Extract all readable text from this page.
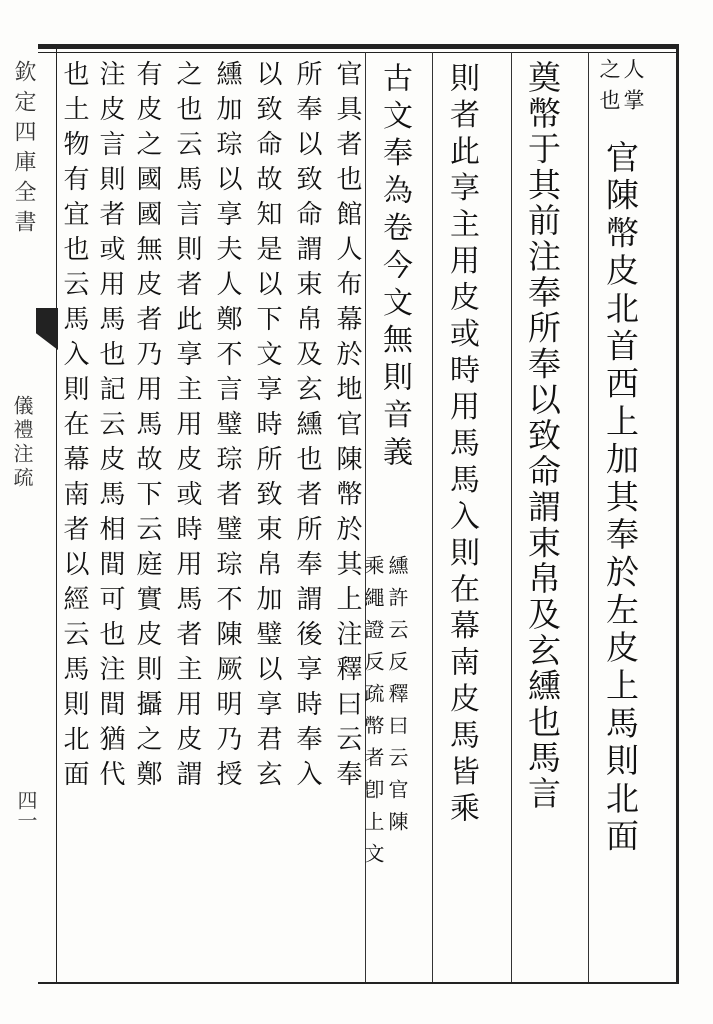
欽定四庫全書
儀禮注疏
四一
人掌
之也
官陳幣皮北首西上加其奉於左皮上馬則北面
奠幣于其前注奉所奉以致命謂束帛及玄纁也馬言
則者此享主用皮或時用馬馬入則在幕南皮馬皆乘
古文奉為卷今文無則音義
纁許云反釋曰云官陳
乘繩證反疏幣者卽上文
官具者也館人布幕於地官陳幣於其上注釋曰云奉
所奉以致命謂束帛及玄纁也者所奉謂後享時奉入
以致命故知是以下文享時所致束帛加璧以享君玄
纁加琮以享夫人鄭不言璧琮者璧琮不陳厥明乃授
之也云馬言則者此享主用皮或時用馬者主用皮謂
有皮之國國無皮者乃用馬故下云庭實皮則攝之鄭
注皮言則者或用馬也記云皮馬相間可也注間猶代
也土物有宜也云馬入則在幕南者以經云馬則北面
